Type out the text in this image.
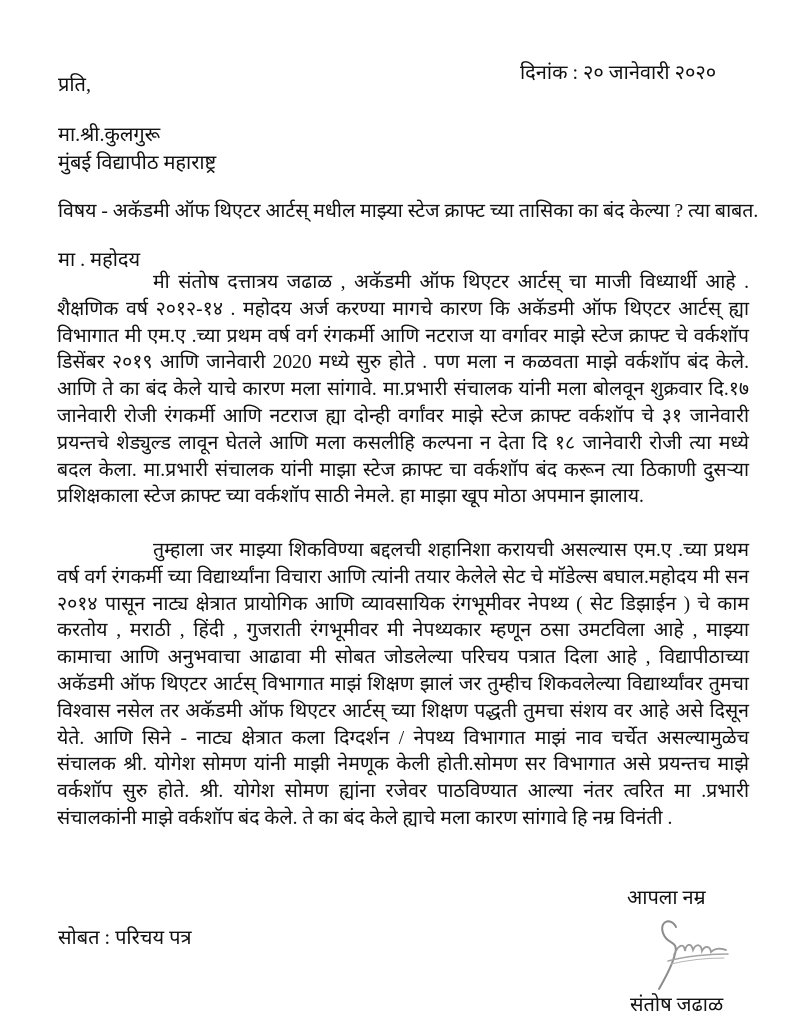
दिनांक : २० जानेवारी २०२०
प्रति,
मा.श्री.कुलगुरू
मुंबई विद्यापीठ महाराष्ट्र
विषय - अकॅडमी ऑफ थिएटर आर्टस् मधील माझ्या स्टेज क्राफ्ट च्या तासिका का बंद केल्या ? त्या बाबत.
मा . महोदय

मी संतोष दत्तात्रय जढाळ , अकॅडमी ऑफ थिएटर आर्टस् चा माजी विध्यार्थी आहे . शैक्षणिक वर्ष २०१२-१४ . महोदय अर्ज करण्या मागचे कारण कि अकॅडमी ऑफ थिएटर आर्टस् ह्या विभागात मी एम.ए .च्या प्रथम वर्ष वर्ग रंगकर्मी आणि नटराज या वर्गावर माझे स्टेज क्राफ्ट चे वर्कशॉप डिसेंबर २०१९ आणि जानेवारी 2020 मध्ये सुरु होते . पण मला न कळवता माझे वर्कशॉप बंद केले. आणि ते का बंद केले याचे कारण मला सांगावे. मा.प्रभारी संचालक यांनी मला बोलवून शुक्रवार दि.१७ जानेवारी रोजी रंगकर्मी आणि नटराज ह्या दोन्ही वर्गांवर माझे स्टेज क्राफ्ट वर्कशॉप चे ३१ जानेवारी प्रयन्तचे शेड्युल्ड लावून घेतले आणि मला कसलीहि कल्पना न देता दि १८ जानेवारी रोजी त्या मध्ये बदल केला. मा.प्रभारी संचालक यांनी माझा स्टेज क्राफ्ट चा वर्कशॉप बंद करून त्या ठिकाणी दुसऱ्या प्रशिक्षकाला स्टेज क्राफ्ट च्या वर्कशॉप साठी नेमले. हा माझा खूप मोठा अपमान झालाय.

तुम्हाला जर माझ्या शिकविण्या बद्दलची शहानिशा करायची असल्यास एम.ए .च्या प्रथम वर्ष वर्ग रंगकर्मी च्या विद्यार्थ्यांना विचारा आणि त्यांनी तयार केलेले सेट चे मॉडेल्स बघाल.महोदय मी सन २०१४ पासून नाट्य क्षेत्रात प्रायोगिक आणि व्यावसायिक रंगभूमीवर नेपथ्य ( सेट डिझाईन ) चे काम करतोय , मराठी , हिंदी , गुजराती रंगभूमीवर मी नेपथ्यकार म्हणून ठसा उमटविला आहे , माझ्या कामाचा आणि अनुभवाचा आढावा मी सोबत जोडलेल्या परिचय पत्रात दिला आहे , विद्यापीठाच्या अकॅडमी ऑफ थिएटर आर्टस् विभागात माझं शिक्षण झालं जर तुम्हीच शिकवलेल्या विद्यार्थ्यांवर तुमचा विश्वास नसेल तर अकॅडमी ऑफ थिएटर आर्टस् च्या शिक्षण पद्धती तुमचा संशय वर आहे असे दिसून येते. आणि सिने - नाट्य क्षेत्रात कला दिग्दर्शन / नेपथ्य विभागात माझं नाव चर्चेत असल्यामुळेच संचालक श्री. योगेश सोमण यांनी माझी नेमणूक केली होती.सोमण सर विभागात असे प्रयन्तच माझे वर्कशॉप सुरु होते. श्री. योगेश सोमण ह्यांना रजेवर पाठविण्यात आल्या नंतर त्वरित मा .प्रभारी संचालकांनी माझे वर्कशॉप बंद केले. ते का बंद केले ह्याचे मला कारण सांगावे हि नम्र विनंती .

आपला नम्र
संतोष जढाळ
सोबत : परिचय पत्र
